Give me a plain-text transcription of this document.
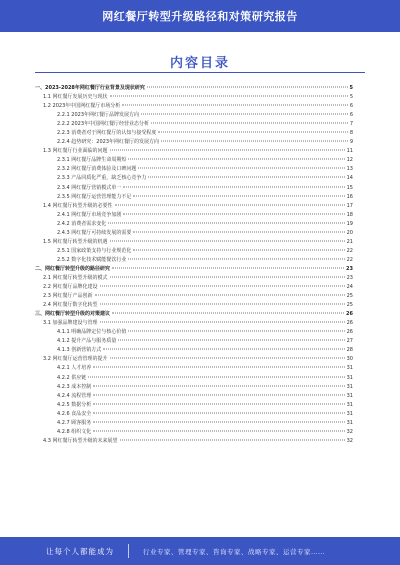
网红餐厅转型升级路径和对策研究报告
内容目录
一、2023-2028年网红餐厅行业背景及现状研究	5
1.1 网红餐厅发展历史与现状	5
1.2 2023年中国网红餐厅市场分析	6
2.2.1 2023年网红餐厅品牌发展方向	6
2.2.2 2023年中国网红餐厅经营业态分析	7
2.2.3 消费者对于网红餐厅的认知与接受程度	8
2.2.4 趋势研究：2023年网红餐厅的发展方向	9
1.3 网红餐厅行业面临的问题	11
2.3.1 网红餐厅品牌生命周期短	12
2.3.2 网红餐厅消费体验及口碑问题	13
2.3.3 产品同质化严重，缺乏核心竞争力	14
2.3.4 网红餐厅营销模式单一	15
2.3.5 网红餐厅运营管理能力不足	16
1.4 网红餐厅转型升级的必要性	17
2.4.1 网红餐厅市场竞争加剧	18
2.4.2 消费者需求变化	19
2.4.3 网红餐厅可持续发展的需要	20
1.5 网红餐厅转型升级的机遇	21
2.5.1 国家政策支持与行业规范化	22
2.5.2 数字化技术赋能餐饮行业	22
二、网红餐厅转型升级的路径研究	23
2.1 网红餐厅转型升级的模式	23
2.2 网红餐厅品牌化建设	24
2.3 网红餐厅产品创新	25
2.4 网红餐厅数字化转型	25
三、网红餐厅转型升级的对策建议	26
3.1 加强品牌建设与管理	26
4.1.1 明确品牌定位与核心价值	26
4.1.2 提升产品与服务质量	27
4.1.3 创新营销方式	28
3.2 网红餐厅运营管理的提升	30
4.2.1 人才培养	31
4.2.2 供应链	31
4.2.3 成本控制	31
4.2.4 流程管理	31
4.2.5 数据分析	31
4.2.6 食品安全	31
4.2.7 顾客服务	31
4.2.8 组织文化	32
4.3 网红餐厅转型升级的未来展望	32
让每个人都能成为	行业专家、管理专家、咨询专家、战略专家、运营专家……
